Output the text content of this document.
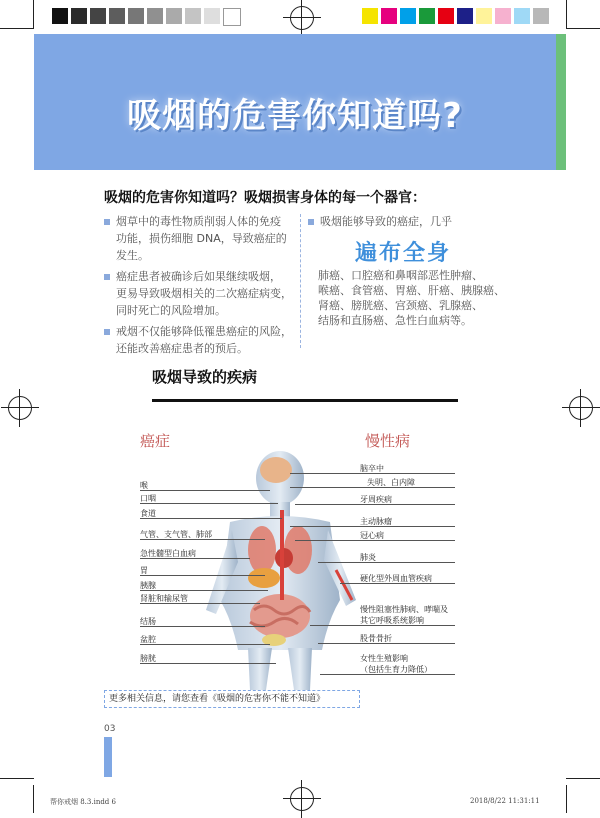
吸烟的危害你知道吗?
吸烟的危害你知道吗？吸烟损害身体的每一个器官：
烟草中的毒性物质削弱人体的免疫
功能，损伤细胞 DNA，导致癌症的
发生。
癌症患者被确诊后如果继续吸烟，
更易导致吸烟相关的二次癌症病变，
同时死亡的风险增加。
戒烟不仅能够降低罹患癌症的风险，
还能改善癌症患者的预后。
吸烟能够导致的癌症，几乎
遍布全身
肺癌、口腔癌和鼻咽部恶性肿瘤、
喉癌、食管癌、胃癌、肝癌、胰腺癌、
肾癌、膀胱癌、宫颈癌、乳腺癌、
结肠和直肠癌、急性白血病等。
吸烟导致的疾病
癌症	慢性病
喉
口咽
食道
气管、支气管、肺部
急性髓型白血病
胃
胰腺
肾脏和输尿管
结肠
盆腔
膀胱
脑卒中
失明、白内障
牙周疾病
主动脉瘤
冠心病
肺炎
硬化型外周血管疾病
慢性阻塞性肺病、哮喘及
其它呼吸系统影响
股骨骨折
女性生殖影响
（包括生育力降低）
更多相关信息，请您查看《吸烟的危害你不能不知道》
03
帮你戒烟 8.3.indd 6	2018/8/22 11:31:11
